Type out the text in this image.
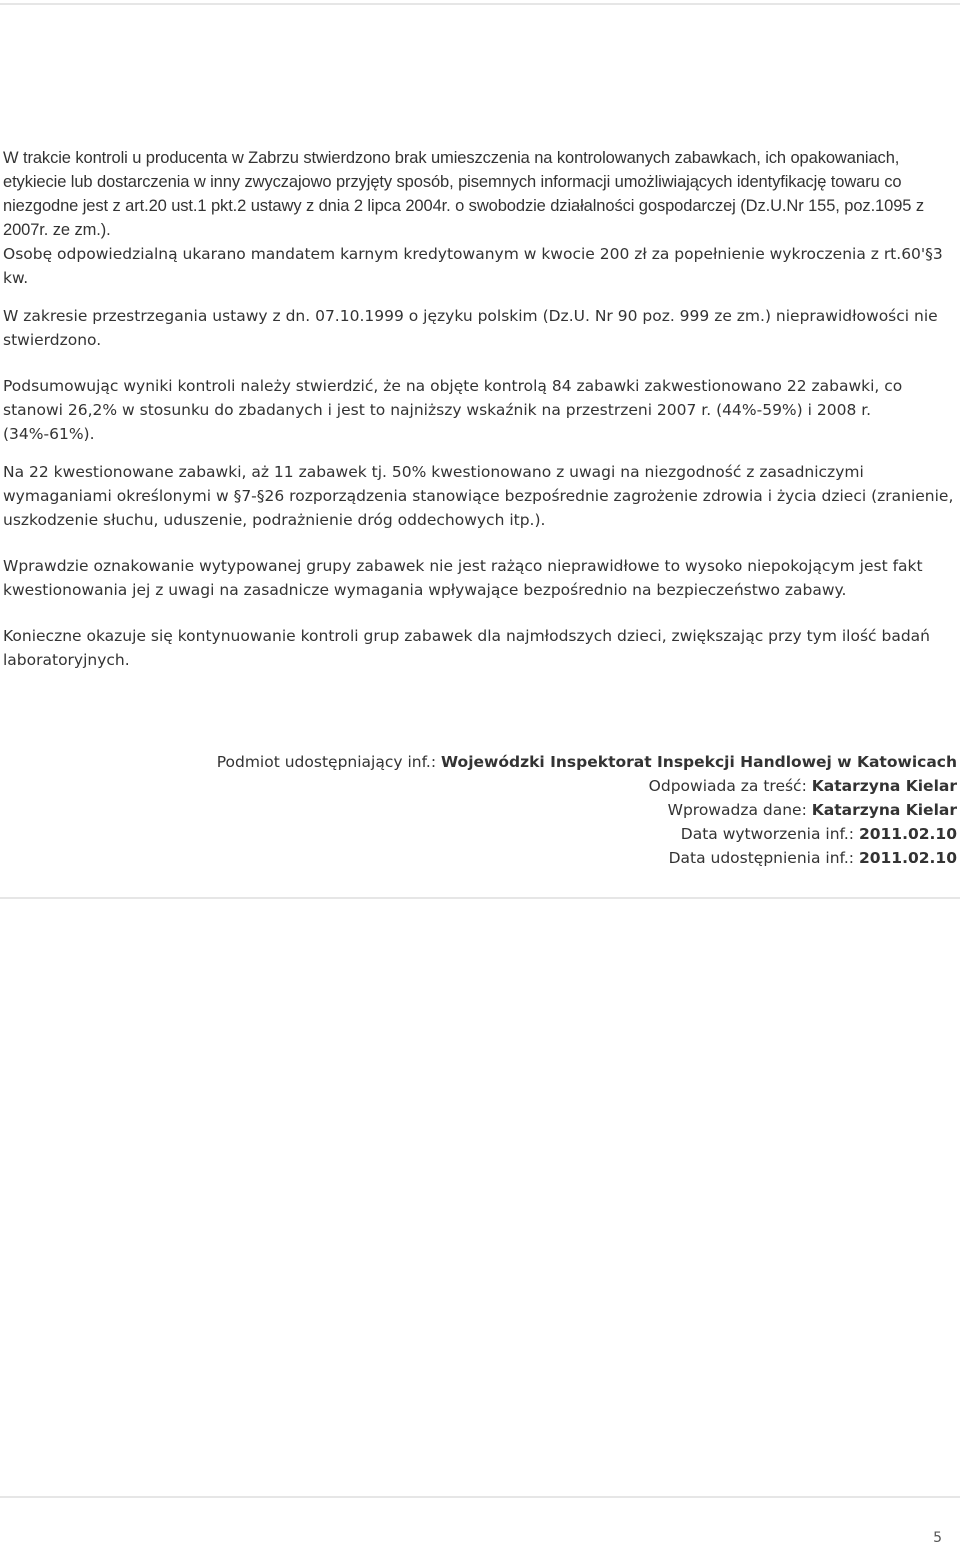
W trakcie kontroli u producenta w Zabrzu stwierdzono brak umieszczenia na kontrolowanych zabawkach, ich opakowaniach, etykiecie lub dostarczenia w inny zwyczajowo przyjęty sposób, pisemnych informacji umożliwiających identyfikację towaru co niezgodne jest z art.20 ust.1 pkt.2 ustawy z dnia 2 lipca 2004r. o swobodzie działalności gospodarczej (Dz.U.Nr 155, poz.1095 z 2007r. ze zm.).

Osobę odpowiedzialną ukarano mandatem karnym kredytowanym w kwocie 200 zł za popełnienie wykroczenia z rt.60'§3 kw.

W zakresie przestrzegania ustawy z dn. 07.10.1999 o języku polskim (Dz.U. Nr 90 poz. 999 ze zm.) nieprawidłowości nie stwierdzono.

Podsumowując wyniki kontroli należy stwierdzić, że na objęte kontrolą 84 zabawki zakwestionowano 22 zabawki, co stanowi 26,2% w stosunku do zbadanych i jest to najniższy wskaźnik na przestrzeni 2007 r. (44%-59%) i 2008 r. (34%-61%).

Na 22 kwestionowane zabawki, aż 11 zabawek tj. 50% kwestionowano z uwagi na niezgodność z zasadniczymi wymaganiami określonymi w §7-§26 rozporządzenia stanowiące bezpośrednie zagrożenie zdrowia i życia dzieci (zranienie, uszkodzenie słuchu, uduszenie, podrażnienie dróg oddechowych itp.).

Wprawdzie oznakowanie wytypowanej grupy zabawek nie jest rażąco nieprawidłowe to wysoko niepokojącym jest fakt kwestionowania jej z uwagi na zasadnicze wymagania wpływające bezpośrednio na bezpieczeństwo zabawy.

Konieczne okazuje się kontynuowanie kontroli grup zabawek dla najmłodszych dzieci, zwiększając przy tym ilość badań laboratoryjnych.

Podmiot udostępniający inf.: Wojewódzki Inspektorat Inspekcji Handlowej w Katowicach
Odpowiada za treść: Katarzyna Kielar
Wprowadza dane: Katarzyna Kielar
Data wytworzenia inf.: 2011.02.10
Data udostępnienia inf.: 2011.02.10
5
